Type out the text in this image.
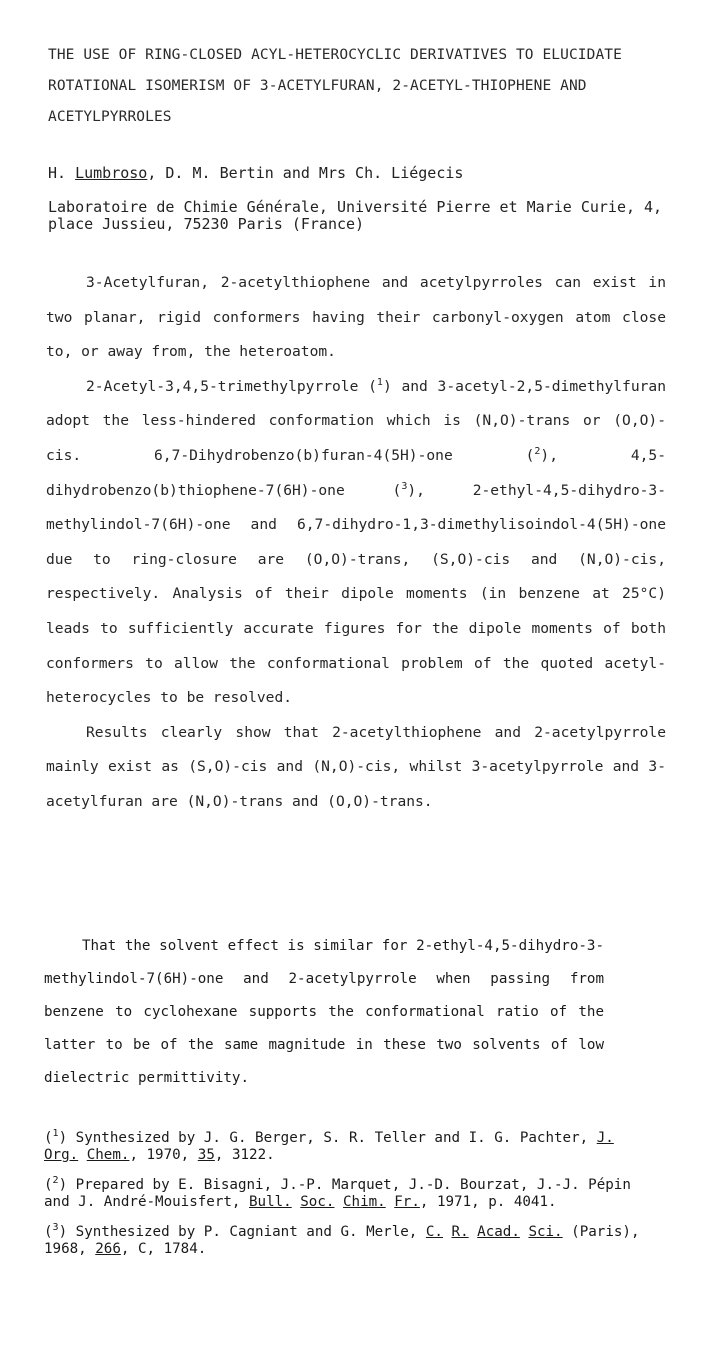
THE USE OF RING-CLOSED ACYL-HETEROCYCLIC DERIVATIVES TO ELUCIDATE ROTATIONAL ISOMERISM OF 3-ACETYLFURAN, 2-ACETYL-THIOPHENE AND ACETYLPYRROLES
H. Lumbroso, D. M. Bertin and Mrs Ch. Liégecis
Laboratoire de Chimie Générale, Université Pierre et Marie Curie, 4, place Jussieu, 75230 Paris (France)

3-Acetylfuran, 2-acetylthiophene and acetylpyrroles can exist in two planar, rigid conformers having their carbonyl-oxygen atom close to, or away from, the heteroatom.

2-Acetyl-3,4,5-trimethylpyrrole ($^1$) and 3-acetyl-2,5-dimethylfuran adopt the less-hindered conformation which is (N,O)-trans or (O,O)-cis. 6,7-Dihydrobenzo(b)furan-4(5H)-one ($^2$), 4,5-dihydrobenzo(b)thiophene-7(6H)-one ($^3$), 2-ethyl-4,5-dihydro-3-methylindol-7(6H)-one and 6,7-dihydro-1,3-dimethylisoindol-4(5H)-one due to ring-closure are (O,O)-trans, (S,O)-cis and (N,O)-cis, respectively. Analysis of their dipole moments (in benzene at 25°C) leads to sufficiently accurate figures for the dipole moments of both conformers to allow the conformational problem of the quoted acetyl-heterocycles to be resolved.

Results clearly show that 2-acetylthiophene and 2-acetylpyrrole mainly exist as (S,O)-cis and (N,O)-cis, whilst 3-acetylpyrrole and 3-acetylfuran are (N,O)-trans and (O,O)-trans.

That the solvent effect is similar for 2-ethyl-4,5-dihydro-3-methylindol-7(6H)-one and 2-acetylpyrrole when passing from benzene to cyclohexane supports the conformational ratio of the latter to be of the same magnitude in these two solvents of low dielectric permittivity.

($^1$) Synthesized by J. G. Berger, S. R. Teller and I. G. Pachter, J. Org. Chem., 1970, 35, 3122.
($^2$) Prepared by E. Bisagni, J.-P. Marquet, J.-D. Bourzat, J.-J. Pépin and J. André-Mouisfert, Bull. Soc. Chim. Fr., 1971, p. 4041.
($^3$) Synthesized by P. Cagniant and G. Merle, C. R. Acad. Sci. (Paris), 1968, 266, C, 1784.
